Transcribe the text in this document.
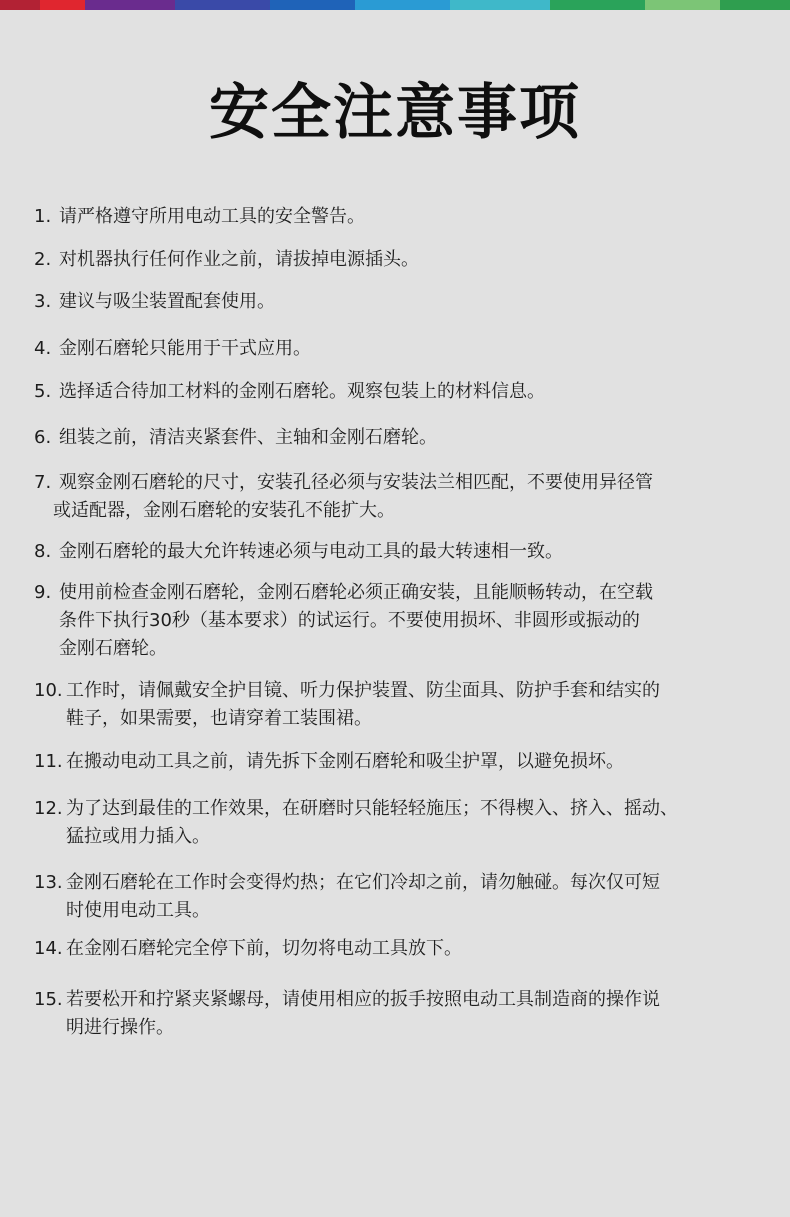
安全注意事项
1. 请严格遵守所用电动工具的安全警告。
2. 对机器执行任何作业之前，请拔掉电源插头。
3. 建议与吸尘装置配套使用。
4. 金刚石磨轮只能用于干式应用。
5. 选择适合待加工材料的金刚石磨轮。观察包装上的材料信息。
6. 组装之前，清洁夹紧套件、主轴和金刚石磨轮。
7. 观察金刚石磨轮的尺寸，安装孔径必须与安装法兰相匹配，不要使用异径管
或适配器，金刚石磨轮的安装孔不能扩大。
8. 金刚石磨轮的最大允许转速必须与电动工具的最大转速相一致。
9. 使用前检查金刚石磨轮，金刚石磨轮必须正确安装，且能顺畅转动，在空载
条件下执行30秒（基本要求）的试运行。不要使用损坏、非圆形或振动的
金刚石磨轮。
10. 工作时，请佩戴安全护目镜、听力保护装置、防尘面具、防护手套和结实的
鞋子，如果需要，也请穿着工装围裙。
11. 在搬动电动工具之前，请先拆下金刚石磨轮和吸尘护罩，以避免损坏。
12. 为了达到最佳的工作效果，在研磨时只能轻轻施压；不得楔入、挤入、摇动、
猛拉或用力插入。
13. 金刚石磨轮在工作时会变得灼热；在它们冷却之前，请勿触碰。每次仅可短
时使用电动工具。
14. 在金刚石磨轮完全停下前，切勿将电动工具放下。
15. 若要松开和拧紧夹紧螺母，请使用相应的扳手按照电动工具制造商的操作说
明进行操作。
